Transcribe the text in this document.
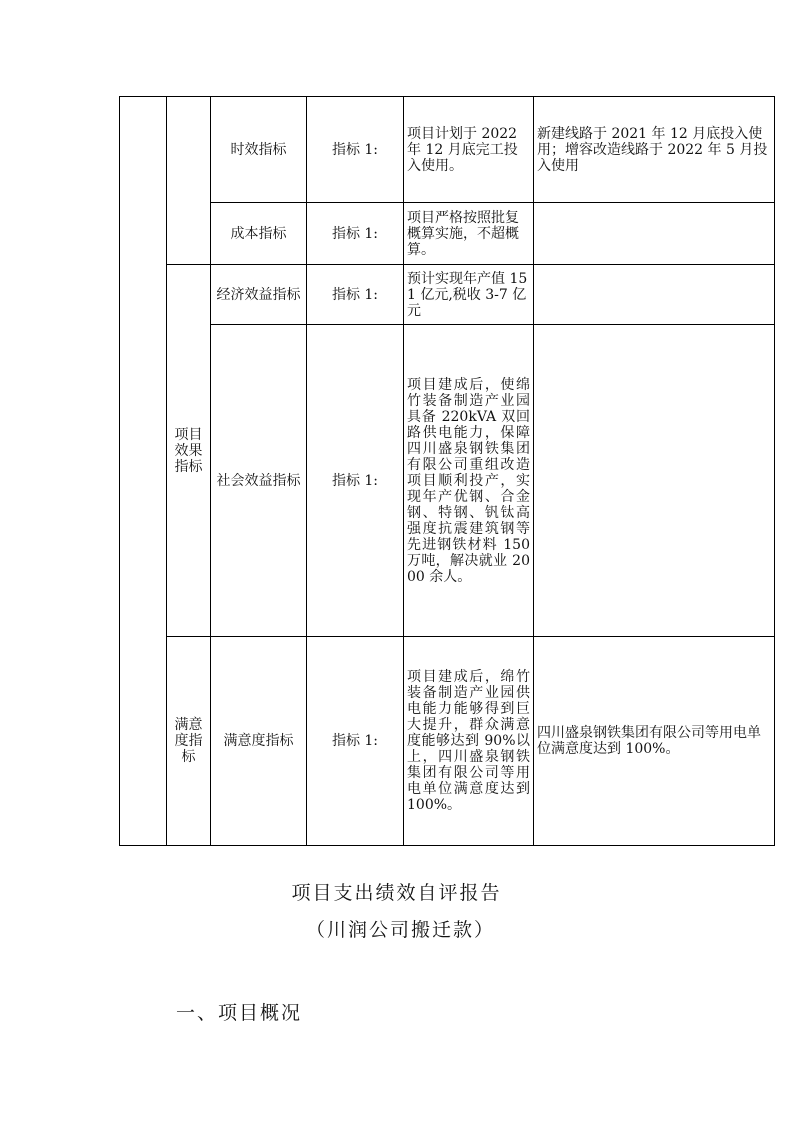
		时效指标	指标 1:	项目计划于 2022 年 12 月底完工投入使用。	新建线路于 2021 年 12 月底投入使用；增容改造线路于 2022 年 5 月投入使用
		成本指标	指标 1:	项目严格按照批复概算实施，不超概算。	
	项目效果指标	经济效益指标	指标 1:	预计实现年产值 151 亿元,税收 3-7 亿元	
		社会效益指标	指标 1:	项目建成后，使绵竹装备制造产业园具备 220kVA 双回路供电能力，保障四川盛泉钢铁集团有限公司重组改造项目顺利投产，实现年产优钢、合金钢、特钢、钒钛高强度抗震建筑钢等先进钢铁材料 150 万吨，解决就业 2000 余人。	
	满意度指标	满意度指标	指标 1:	项目建成后，绵竹装备制造产业园供电能力能够得到巨大提升，群众满意度能够达到 90%以上，四川盛泉钢铁集团有限公司等用电单位满意度达到 100%。	四川盛泉钢铁集团有限公司等用电单位满意度达到 100%。
项目支出绩效自评报告
（川润公司搬迁款）
一、项目概况
